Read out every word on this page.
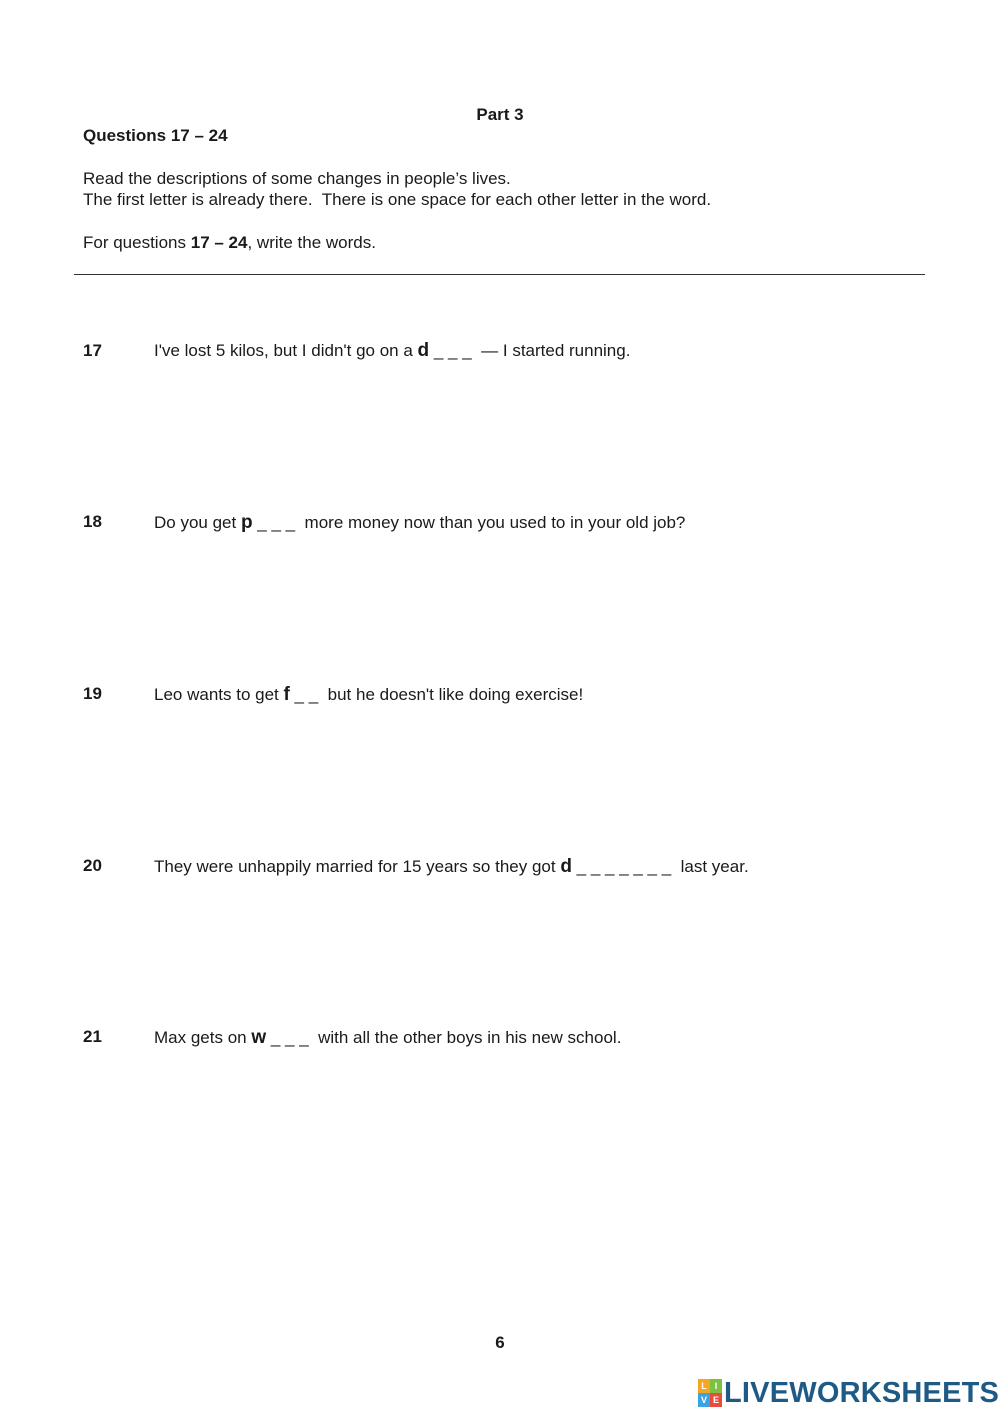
Part 3
Questions 17 – 24
Read the descriptions of some changes in people’s lives.
The first letter is already there.  There is one space for each other letter in the word.
For questions 17 – 24, write the words.
17	I've lost 5 kilos, but I didn't go on a d _ _ _  — I started running.
18	Do you get p _ _ _  more money now than you used to in your old job?
19	Leo wants to get f _ _  but he doesn't like doing exercise!
20	They were unhappily married for 15 years so they got d _ _ _ _ _ _ _  last year.
21	Max gets on w _ _ _  with all the other boys in his new school.
6
L I
V E LIVEWORKSHEETS
